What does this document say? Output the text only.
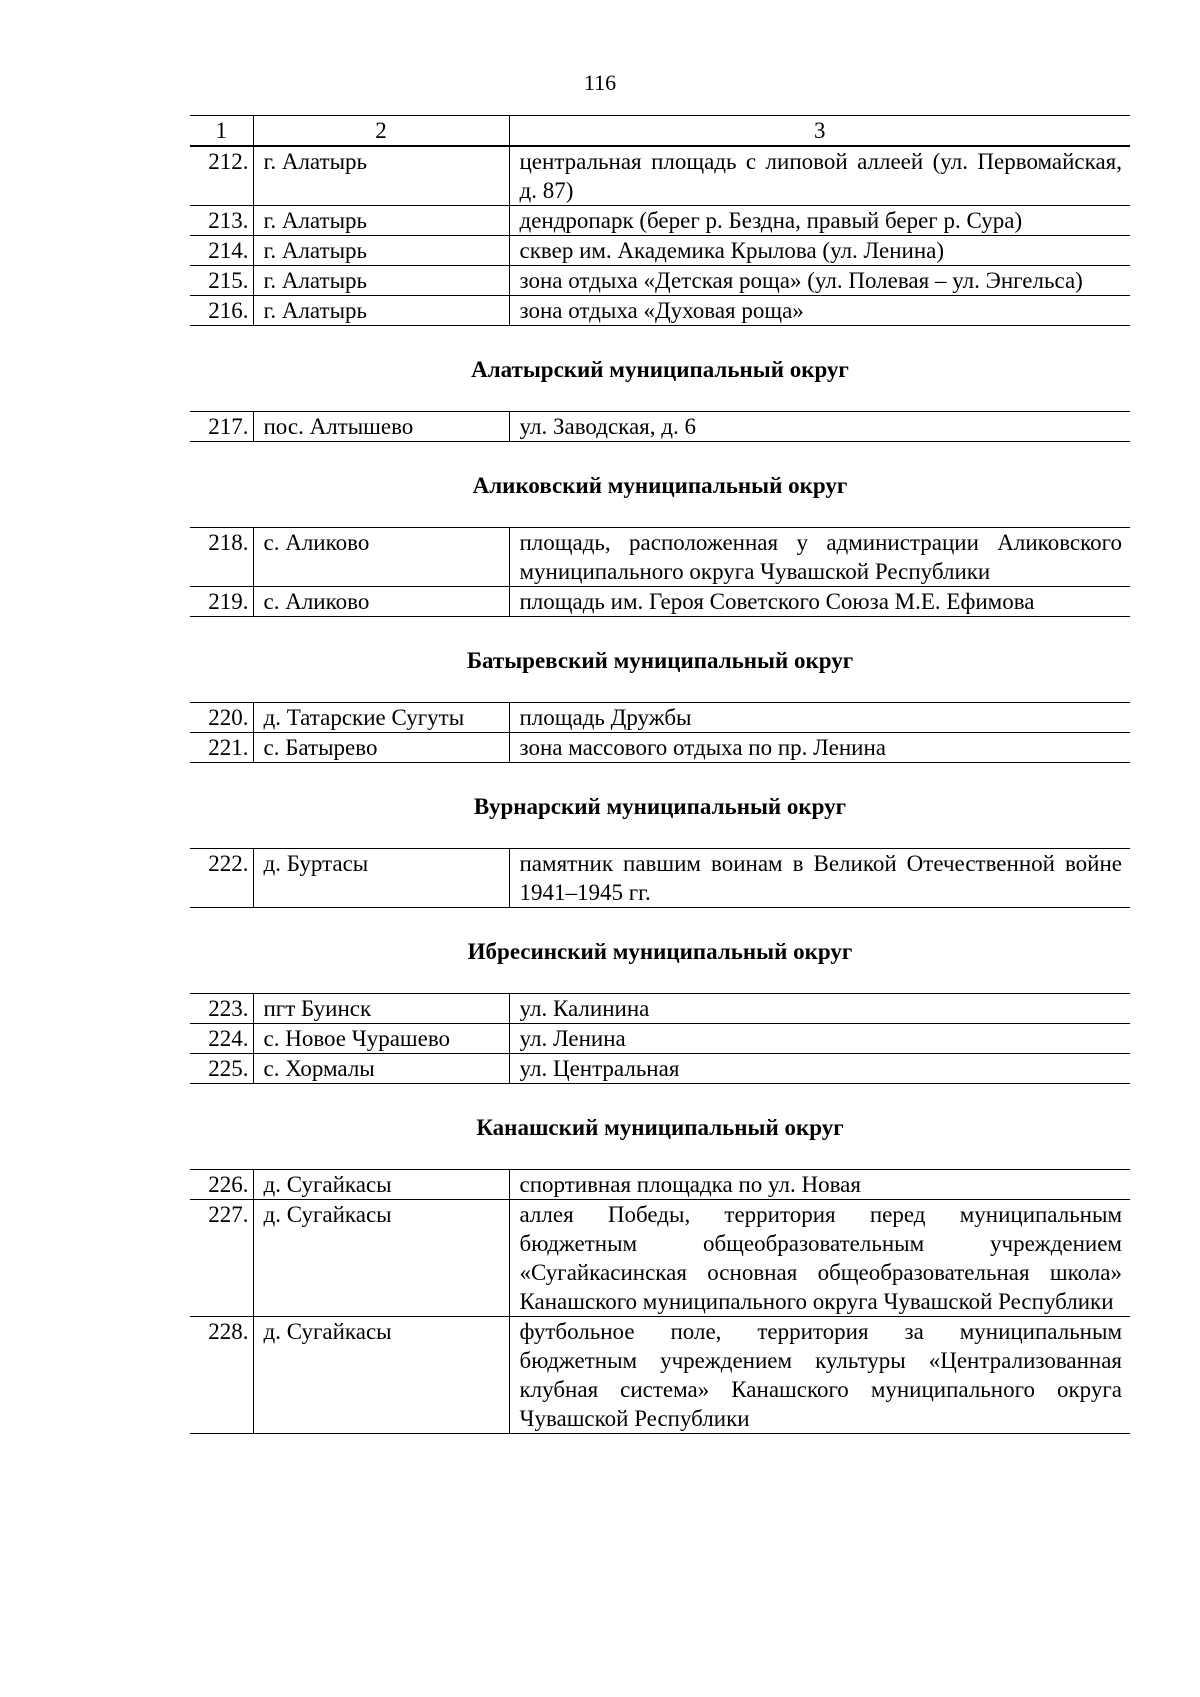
116
1	2	3
212.	г. Алатырь	центральная площадь с липовой аллеей (ул. Первомайская, д. 87)
213.	г. Алатырь	дендропарк (берег р. Бездна, правый берег р. Сура)
214.	г. Алатырь	сквер им. Академика Крылова (ул. Ленина)
215.	г. Алатырь	зона отдыха «Детская роща» (ул. Полевая – ул. Энгельса)
216.	г. Алатырь	зона отдыха «Духовая роща»
Алатырский муниципальный округ
217.	пос. Алтышево	ул. Заводская, д. 6
Аликовский муниципальный округ
218.	с. Аликово	площадь, расположенная у администрации Аликовского муниципального округа Чувашской Республики
219.	с. Аликово	площадь им. Героя Советского Союза М.Е. Ефимова
Батыревский муниципальный округ
220.	д. Татарские Сугуты	площадь Дружбы
221.	с. Батырево	зона массового отдыха по пр. Ленина
Вурнарский муниципальный округ
222.	д. Буртасы	памятник павшим воинам в Великой Отечественной войне 1941–1945 гг.
Ибресинский муниципальный округ
223.	пгт Буинск	ул. Калинина
224.	с. Новое Чурашево	ул. Ленина
225.	с. Хормалы	ул. Центральная
Канашский муниципальный округ
226.	д. Сугайкасы	спортивная площадка по ул. Новая
227.	д. Сугайкасы	аллея Победы, территория перед муниципальным бюджетным общеобразовательным учреждением «Сугайкасинская основная общеобразовательная школа» Канашского муниципального округа Чувашской Республики
228.	д. Сугайкасы	футбольное поле, территория за муниципальным бюджетным учреждением культуры «Централизованная клубная система» Канашского муниципального округа Чувашской Республики
